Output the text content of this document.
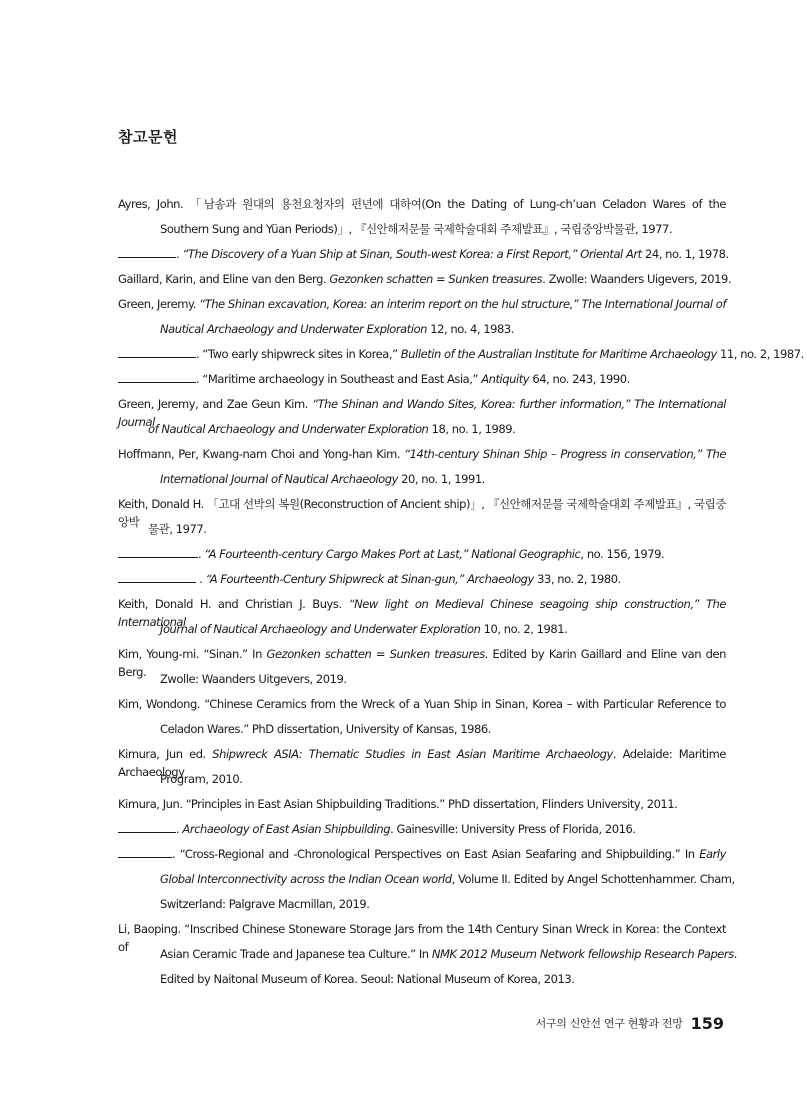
참고문헌
Ayres, John. 「남송과 원대의 용천요청자의 편년에 대하여(On the Dating of Lung-ch’uan Celadon Wares of the
Southern Sung and Yüan Periods)」, 『신안해저문물 국제학술대회 주제발표』, 국립중앙박물관, 1977.
. “The Discovery of a Yuan Ship at Sinan, South-west Korea: a First Report,” Oriental Art 24, no. 1, 1978.
Gaillard, Karin, and Eline van den Berg. Gezonken schatten = Sunken treasures. Zwolle: Waanders Uigevers, 2019.
Green, Jeremy. “The Shinan excavation, Korea: an interim report on the hul structure,” The International Journal of
Nautical Archaeology and Underwater Exploration 12, no. 4, 1983.
. “Two early shipwreck sites in Korea,” Bulletin of the Australian Institute for Maritime Archaeology 11, no. 2, 1987.
. “Maritime archaeology in Southeast and East Asia,” Antiquity 64, no. 243, 1990.
Green, Jeremy, and Zae Geun Kim. “The Shinan and Wando Sites, Korea: further information,” The International Journal
of Nautical Archaeology and Underwater Exploration 18, no. 1, 1989.
Hoffmann, Per, Kwang-nam Choi and Yong-han Kim. “14th-century Shinan Ship – Progress in conservation,” The
International Journal of Nautical Archaeology 20, no. 1, 1991.
Keith, Donald H. 「고대 선박의 복원(Reconstruction of Ancient ship)」, 『신안해저문물 국제학술대회 주제발표』, 국립중앙박
물관, 1977.
. “A Fourteenth-century Cargo Makes Port at Last,” National Geographic, no. 156, 1979.
. “A Fourteenth-Century Shipwreck at Sinan-gun,” Archaeology 33, no. 2, 1980.
Keith, Donald H. and Christian J. Buys. “New light on Medieval Chinese seagoing ship construction,” The International
Journal of Nautical Archaeology and Underwater Exploration 10, no. 2, 1981.
Kim, Young-mi. “Sinan.” In Gezonken schatten = Sunken treasures. Edited by Karin Gaillard and Eline van den Berg.
Zwolle: Waanders Uitgevers, 2019.
Kim, Wondong. “Chinese Ceramics from the Wreck of a Yuan Ship in Sinan, Korea – with Particular Reference to
Celadon Wares.” PhD dissertation, University of Kansas, 1986.
Kimura, Jun ed. Shipwreck ASIA: Thematic Studies in East Asian Maritime Archaeology. Adelaide: Maritime Archaeology
Program, 2010.
Kimura, Jun. “Principles in East Asian Shipbuilding Traditions.” PhD dissertation, Flinders University, 2011.
. Archaeology of East Asian Shipbuilding. Gainesville: University Press of Florida, 2016.
. “Cross-Regional and -Chronological Perspectives on East Asian Seafaring and Shipbuilding.” In Early
Global Interconnectivity across the Indian Ocean world, Volume II. Edited by Angel Schottenhammer. Cham,
Switzerland: Palgrave Macmillan, 2019.
Li, Baoping. “Inscribed Chinese Stoneware Storage Jars from the 14th Century Sinan Wreck in Korea: the Context of
Asian Ceramic Trade and Japanese tea Culture.” In NMK 2012 Museum Network fellowship Research Papers.
Edited by Naitonal Museum of Korea. Seoul: National Museum of Korea, 2013.
서구의 신안선 연구 현황과 전망 159
